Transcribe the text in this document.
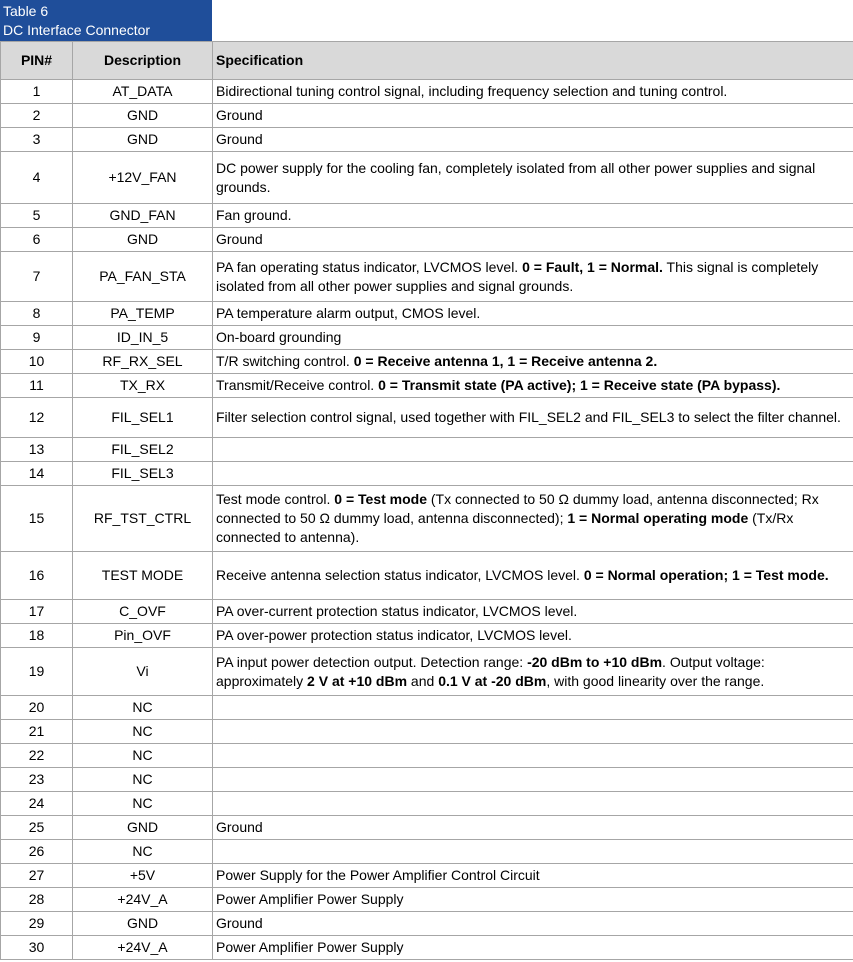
Table 6
DC Interface Connector
PIN#	Description	Specification
1	AT_DATA	Bidirectional tuning control signal, including frequency selection and tuning control.
2	GND	Ground
3	GND	Ground
4	+12V_FAN	DC power supply for the cooling fan, completely isolated from all other power supplies and signal grounds.
5	GND_FAN	Fan ground.
6	GND	Ground
7	PA_FAN_STA	PA fan operating status indicator, LVCMOS level. 0 = Fault, 1 = Normal. This signal is completely isolated from all other power supplies and signal grounds.
8	PA_TEMP	PA temperature alarm output, CMOS level.
9	ID_IN_5	On-board grounding
10	RF_RX_SEL	T/R switching control. 0 = Receive antenna 1, 1 = Receive antenna 2.
11	TX_RX	Transmit/Receive control. 0 = Transmit state (PA active); 1 = Receive state (PA bypass).
12	FIL_SEL1	Filter selection control signal, used together with FIL_SEL2 and FIL_SEL3 to select the filter channel.
13	FIL_SEL2	
14	FIL_SEL3	
15	RF_TST_CTRL	Test mode control. 0 = Test mode (Tx connected to 50 Ω dummy load, antenna disconnected; Rx connected to 50 Ω dummy load, antenna disconnected); 1 = Normal operating mode (Tx/Rx connected to antenna).
16	TEST MODE	Receive antenna selection status indicator, LVCMOS level. 0 = Normal operation; 1 = Test mode.
17	C_OVF	PA over-current protection status indicator, LVCMOS level.
18	Pin_OVF	PA over-power protection status indicator, LVCMOS level.
19	Vi	PA input power detection output. Detection range: -20 dBm to +10 dBm. Output voltage: approximately 2 V at +10 dBm and 0.1 V at -20 dBm, with good linearity over the range.
20	NC	
21	NC	
22	NC	
23	NC	
24	NC	
25	GND	Ground
26	NC	
27	+5V	Power Supply for the Power Amplifier Control Circuit
28	+24V_A	Power Amplifier Power Supply
29	GND	Ground
30	+24V_A	Power Amplifier Power Supply
